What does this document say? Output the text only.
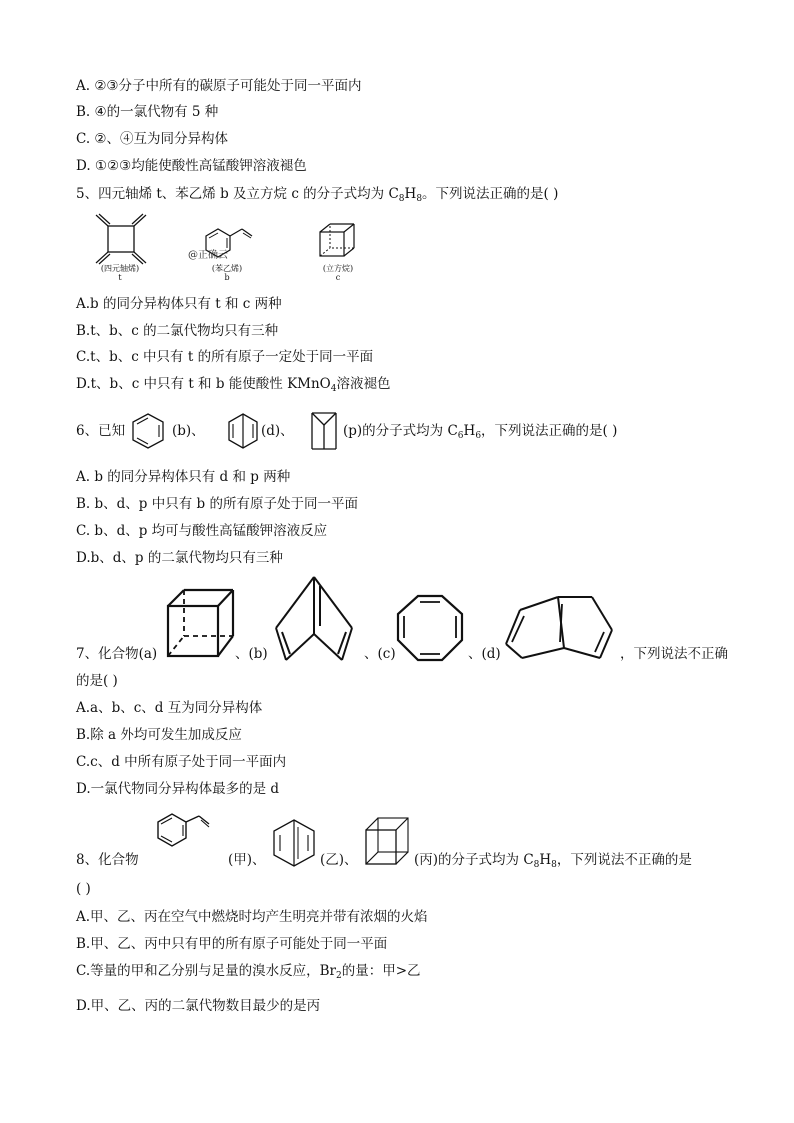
A. ②③分子中所有的碳原子可能处于同一平面内
B. ④的一氯代物有 5 种
C. ②、④互为同分异构体
D. ①②③均能使酸性高锰酸钾溶液褪色
5、四元轴烯 t、苯乙烯 b 及立方烷 c 的分子式均为 $C_8H_8$。下列说法正确的是( )
(四元轴烯)
t
@正确云
(苯乙烯)
b
(立方烷)
c
A.b 的同分异构体只有 t 和 c 两种
B.t、b、c 的二氯代物均只有三种
C.t、b、c 中只有 t 的所有原子一定处于同一平面
D.t、b、c 中只有 t 和 b 能使酸性 KMnO$_4$溶液褪色
6、已知	(b)、	(d)、	(p)的分子式均为 $C_6H_6$，下列说法正确的是( )
A. b 的同分异构体只有 d 和 p 两种
B. b、d、p 中只有 b 的所有原子处于同一平面
C. b、d、p 均可与酸性高锰酸钾溶液反应
D.b、d、p 的二氯代物均只有三种
7、化合物(a)	、(b)	、(c)	、(d)	，下列说法不正确
的是( )
A.a、b、c、d 互为同分异构体
B.除 a 外均可发生加成反应
C.c、d 中所有原子处于同一平面内
D.一氯代物同分异构体最多的是 d
8、化合物	(甲)、	(乙)、	(丙)的分子式均为 $C_8H_8$，下列说法不正确的是
( )
A.甲、乙、丙在空气中燃烧时均产生明亮并带有浓烟的火焰
B.甲、乙、丙中只有甲的所有原子可能处于同一平面
C.等量的甲和乙分别与足量的溴水反应，$Br_2$的量：甲>乙
D.甲、乙、丙的二氯代物数目最少的是丙
